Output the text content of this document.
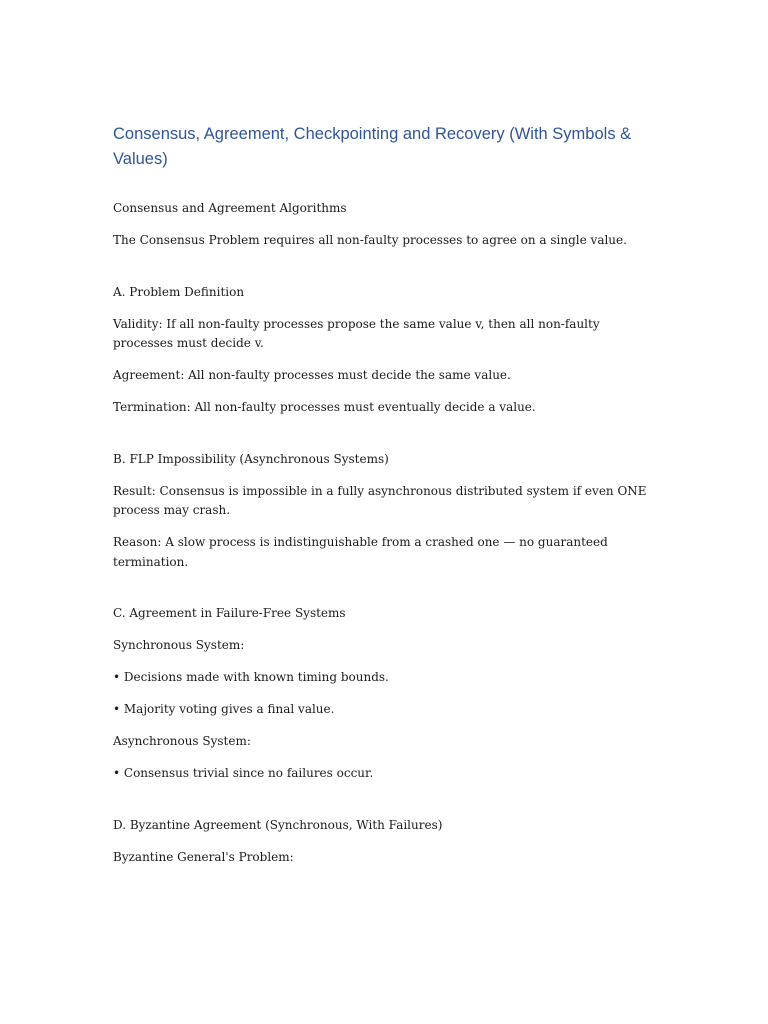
Consensus, Agreement, Checkpointing and Recovery (With Symbols & Values)

Consensus and Agreement Algorithms

The Consensus Problem requires all non-faulty processes to agree on a single value.

A. Problem Definition

Validity: If all non-faulty processes propose the same value v, then all non-faulty processes must decide v.

Agreement: All non-faulty processes must decide the same value.

Termination: All non-faulty processes must eventually decide a value.

B. FLP Impossibility (Asynchronous Systems)

Result: Consensus is impossible in a fully asynchronous distributed system if even ONE process may crash.

Reason: A slow process is indistinguishable from a crashed one — no guaranteed termination.

C. Agreement in Failure-Free Systems

Synchronous System:

• Decisions made with known timing bounds.

• Majority voting gives a final value.

Asynchronous System:

• Consensus trivial since no failures occur.

D. Byzantine Agreement (Synchronous, With Failures)

Byzantine General's Problem:
